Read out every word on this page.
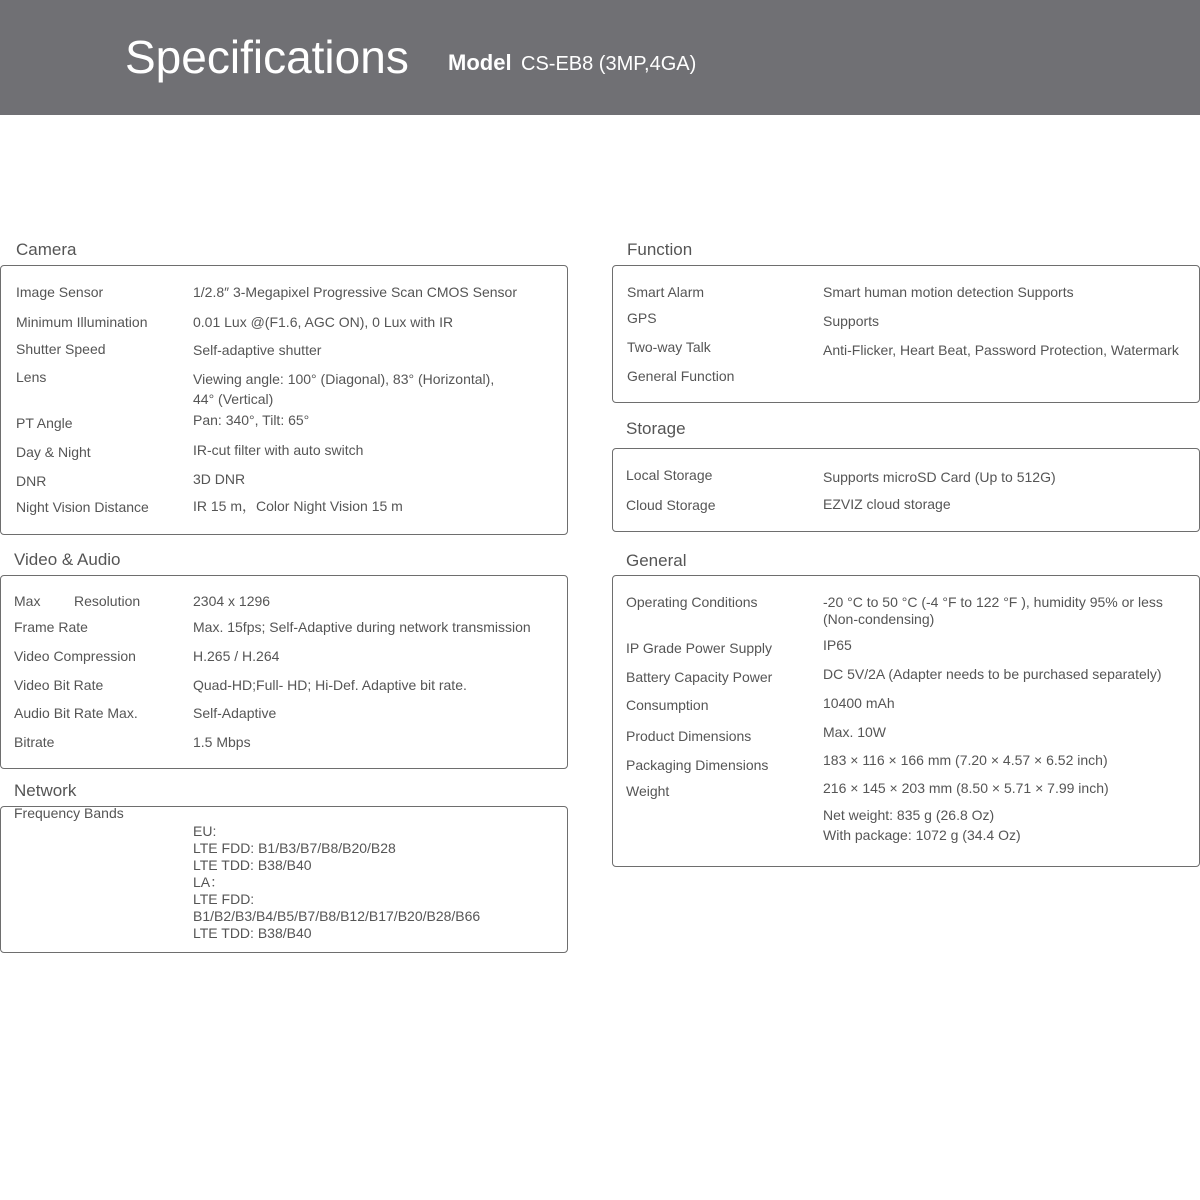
Specifications Model CS-EB8 (3MP,4GA)
Camera
Image Sensor
Minimum Illumination
Shutter Speed
Lens
PT Angle
Day & Night
DNR
Night Vision Distance
1/2.8″ 3-Megapixel Progressive Scan CMOS Sensor
0.01 Lux @(F1.6, AGC ON), 0 Lux with IR
Self-adaptive shutter
Viewing angle: 100° (Diagonal), 83° (Horizontal),
44° (Vertical)
Pan: 340°, Tilt: 65°
IR-cut filter with auto switch
3D DNR
IR 15 m，Color Night Vision 15 m
Video & Audio
Max Resolution
Frame Rate
Video Compression
Video Bit Rate
Audio Bit Rate Max.
Bitrate
2304 x 1296
Max. 15fps; Self-Adaptive during network transmission
H.265 / H.264
Quad-HD;Full- HD; Hi-Def. Adaptive bit rate.
Self-Adaptive
1.5 Mbps
Network
Frequency Bands
EU:
LTE FDD: B1/B3/B7/B8/B20/B28
LTE TDD: B38/B40
LA：
LTE FDD:
B1/B2/B3/B4/B5/B7/B8/B12/B17/B20/B28/B66
LTE TDD: B38/B40
Function
Smart Alarm
GPS
Two-way Talk
General Function
Smart human motion detection Supports
Supports
Anti-Flicker, Heart Beat, Password Protection, Watermark
Storage
Local Storage
Cloud Storage
Supports microSD Card (Up to 512G)
EZVIZ cloud storage
General
Operating Conditions
IP Grade Power Supply
Battery Capacity Power
Consumption
Product Dimensions
Packaging Dimensions
Weight
-20 °C to 50 °C (-4 °F to 122 °F ), humidity 95% or less
(Non-condensing)
IP65
DC 5V/2A (Adapter needs to be purchased separately)
10400 mAh
Max. 10W
183 × 116 × 166 mm (7.20 × 4.57 × 6.52 inch)
216 × 145 × 203 mm (8.50 × 5.71 × 7.99 inch)
Net weight: 835 g (26.8 Oz)
With package: 1072 g (34.4 Oz)
